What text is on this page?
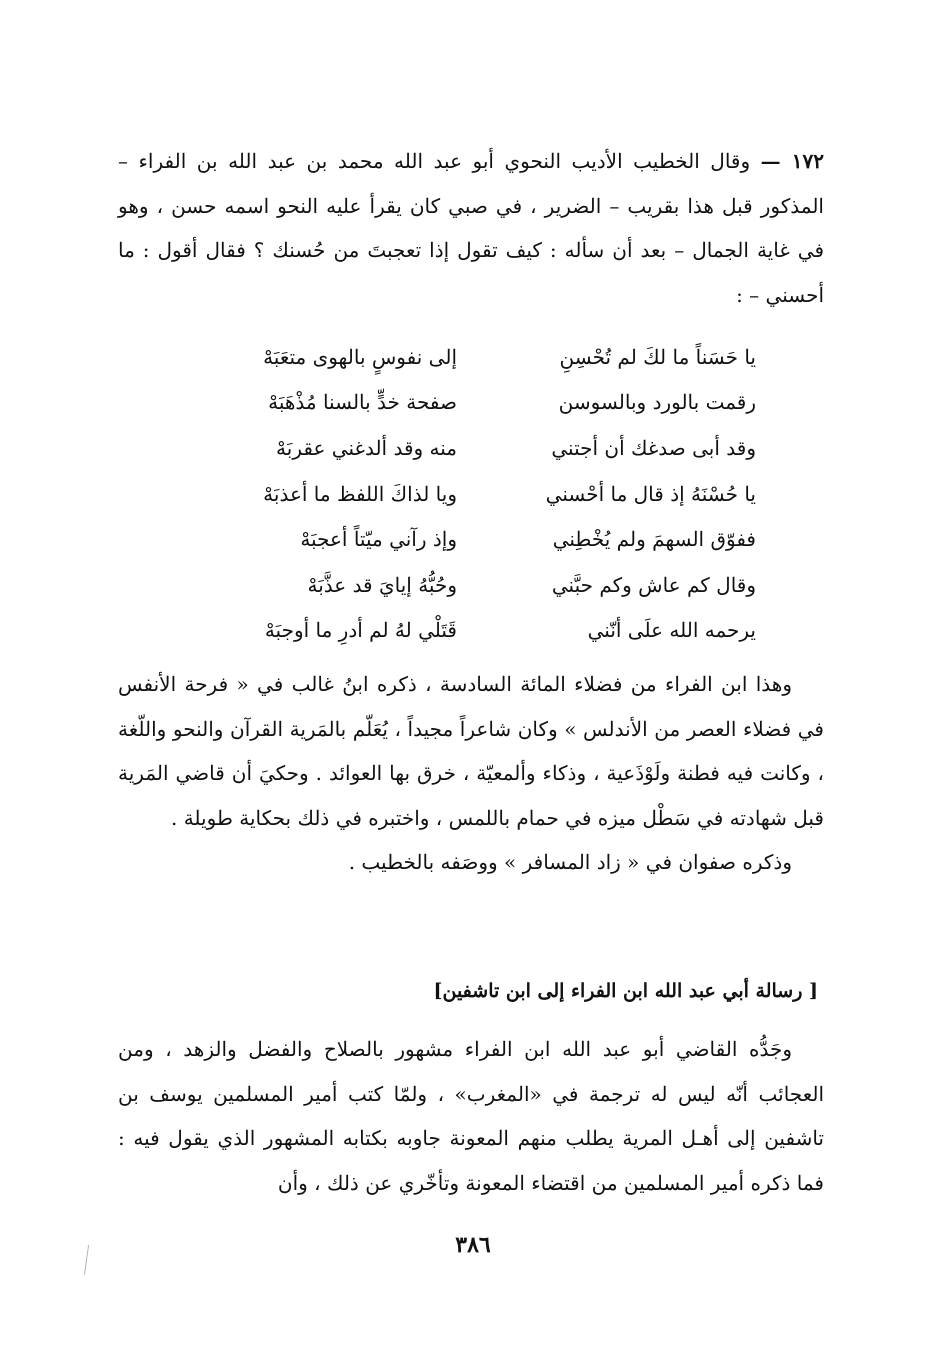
١٧٢ — وقال الخطيب الأديب النحوي أبو عبد الله محمد بن عبد الله بن الفراء – المذكور قبل هذا بقريب – الضرير ، في صبي كان يقرأ عليه النحو اسمه حسن ، وهو في غاية الجمال – بعد أن سأله : كيف تقول إذا تعجبتَ من حُسنك ؟ فقال أقول : ما أحسني – :

يا حَسَناً ما لكَ لم تُحْسِنِ
إلى نفوسٍ بالهوى متعَبَهْ
رقمت بالورد وبالسوسن
صفحة خدٍّ بالسنا مُذْهَبَهْ
وقد أبى صدغك أن أجتني
منه وقد ألدغني عقربَهْ
يا حُسْنَهُ إذ قال ما أحْسني
ويا لذاكَ اللفظ ما أعذبَهْ
ففوّق السهمَ ولم يُخْطِني
وإذ رآني ميّتاً أعجبَهْ
وقال كم عاش وكم حبَّني
وحُبُّهُ إيايَ قد عذَّبَهْ
يرحمه الله علَى أنّني
قَتَلْي لهُ لم أدرِ ما أوجبَهْ
وهذا ابن الفراء من فضلاء المائة السادسة ، ذكره ابنُ غالب في « فرحة الأنفس في فضلاء العصر من الأندلس » وكان شاعراً مجيداً ، يُعَلّم بالمَرية القرآن والنحو واللّغة ، وكانت فيه فطنة ولَوْذَعية ، وذكاء وألمعيّة ، خرق بها العوائد . وحكيَ أن قاضي المَرية قبل شهادته في سَطْل ميزه في حمام باللمس ، واختبره في ذلك بحكاية طويلة .
وذكره صفوان في « زاد المسافر » ووصَفه بالخطيب .
[ رسالة أبي عبد الله ابن الفراء إلى ابن تاشفين]

وجَدُّه القاضي أبو عبد الله ابن الفراء مشهور بالصلاح والفضل والزهد ، ومن العجائب أنّه ليس له ترجمة في «المغرب» ، ولمّا كتب أمير المسلمين يوسف بن تاشفين إلى أهـل المرية يطلب منهم المعونة جاوبه بكتابه المشهور الذي يقول فيه : فما ذكره أمير المسلمين من اقتضاء المعونة وتأخّري عن ذلك ، وأن

٣٨٦
